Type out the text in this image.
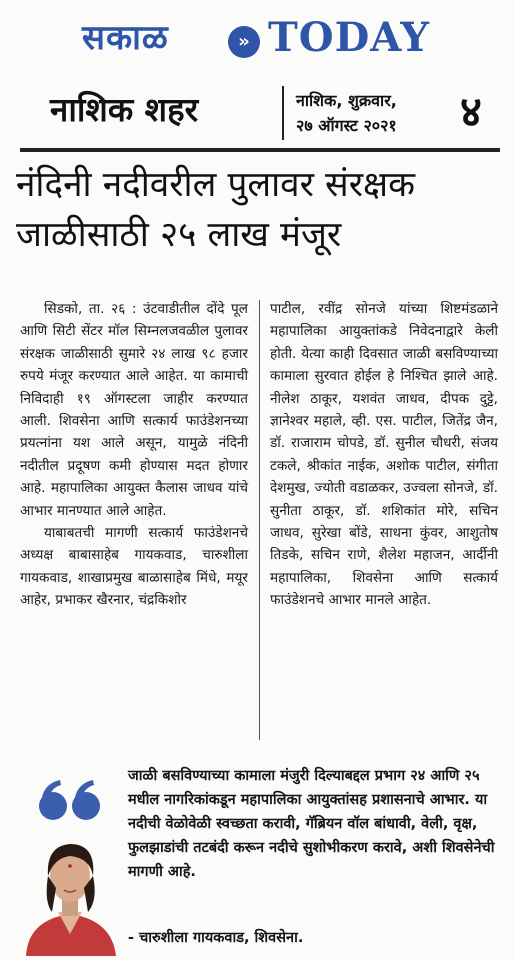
सकाळ	» TODAY
नाशिक शहर	नाशिक, शुक्रवार,
२७ ऑगस्ट २०२१ ४
नंदिनी नदीवरील पुलावर संरक्षक
जाळीसाठी २५ लाख मंजूर

सिडको, ता. २६ : उंटवाडीतील दोंदे पूल आणि सिटी सेंटर मॉल सिम्नलजवळील पुलावर संरक्षक जाळीसाठी सुमारे २४ लाख ९८ हजार रुपये मंजूर करण्यात आले आहेत. या कामाची निविदाही १९ ऑगस्टला जाहीर करण्यात आली. शिवसेना आणि सत्कार्य फाउंडेशनच्या प्रयत्नांना यश आले असून, यामुळे नंदिनी नदीतील प्रदूषण कमी होण्यास मदत होणार आहे. महापालिका आयुक्त कैलास जाधव यांचे आभार मानण्यात आले आहेत.

याबाबतची मागणी सत्कार्य फाउंडेशनचे अध्यक्ष बाबासाहेब गायकवाड, चारुशीला गायकवाड, शाखाप्रमुख बाळासाहेब मिंधे, मयूर आहेर, प्रभाकर खैरनार, चंद्रकिशोर

पाटील, रवींद्र सोनजे यांच्या शिष्टमंडळाने महापालिका आयुक्तांकडे निवेदनाद्वारे केली होती. येत्या काही दिवसात जाळी बसविण्याच्या कामाला सुरवात होईल हे निश्चित झाले आहे. नीलेश ठाकूर, यशवंत जाधव, दीपक दुट्टे, ज्ञानेश्वर महाले, व्ही. एस. पाटील, जितेंद्र जैन, डॉ. राजाराम चोपडे, डॉ. सुनील चौधरी, संजय टकले, श्रीकांत नाईक, अशोक पाटील, संगीता देशमुख, ज्योती वडाळकर, उज्वला सोनजे, डॉ. सुनीता ठाकूर, डॉ. शशिकांत मोरे, सचिन जाधव, सुरेखा बोंडे, साधना कुंवर, आशुतोष तिडके, सचिन राणे, शैलेश महाजन, आर्दीनी महापालिका, शिवसेना आणि सत्कार्य फाउंडेशनचे आभार मानले आहेत.

जाळी बसविण्याच्या कामाला मंजुरी दिल्याबद्दल प्रभाग २४ आणि २५ मधील नागरिकांकडून महापालिका आयुक्तांसह प्रशासनाचे आभार. या नदीची वेळोवेळी स्वच्छता करावी, गॅब्रियन वॉल बांधावी, वेली, वृक्ष, फुलझाडांची तटबंदी करून नदीचे सुशोभीकरण करावे, अशी शिवसेनेची मागणी आहे.

- चारुशीला गायकवाड, शिवसेना.
